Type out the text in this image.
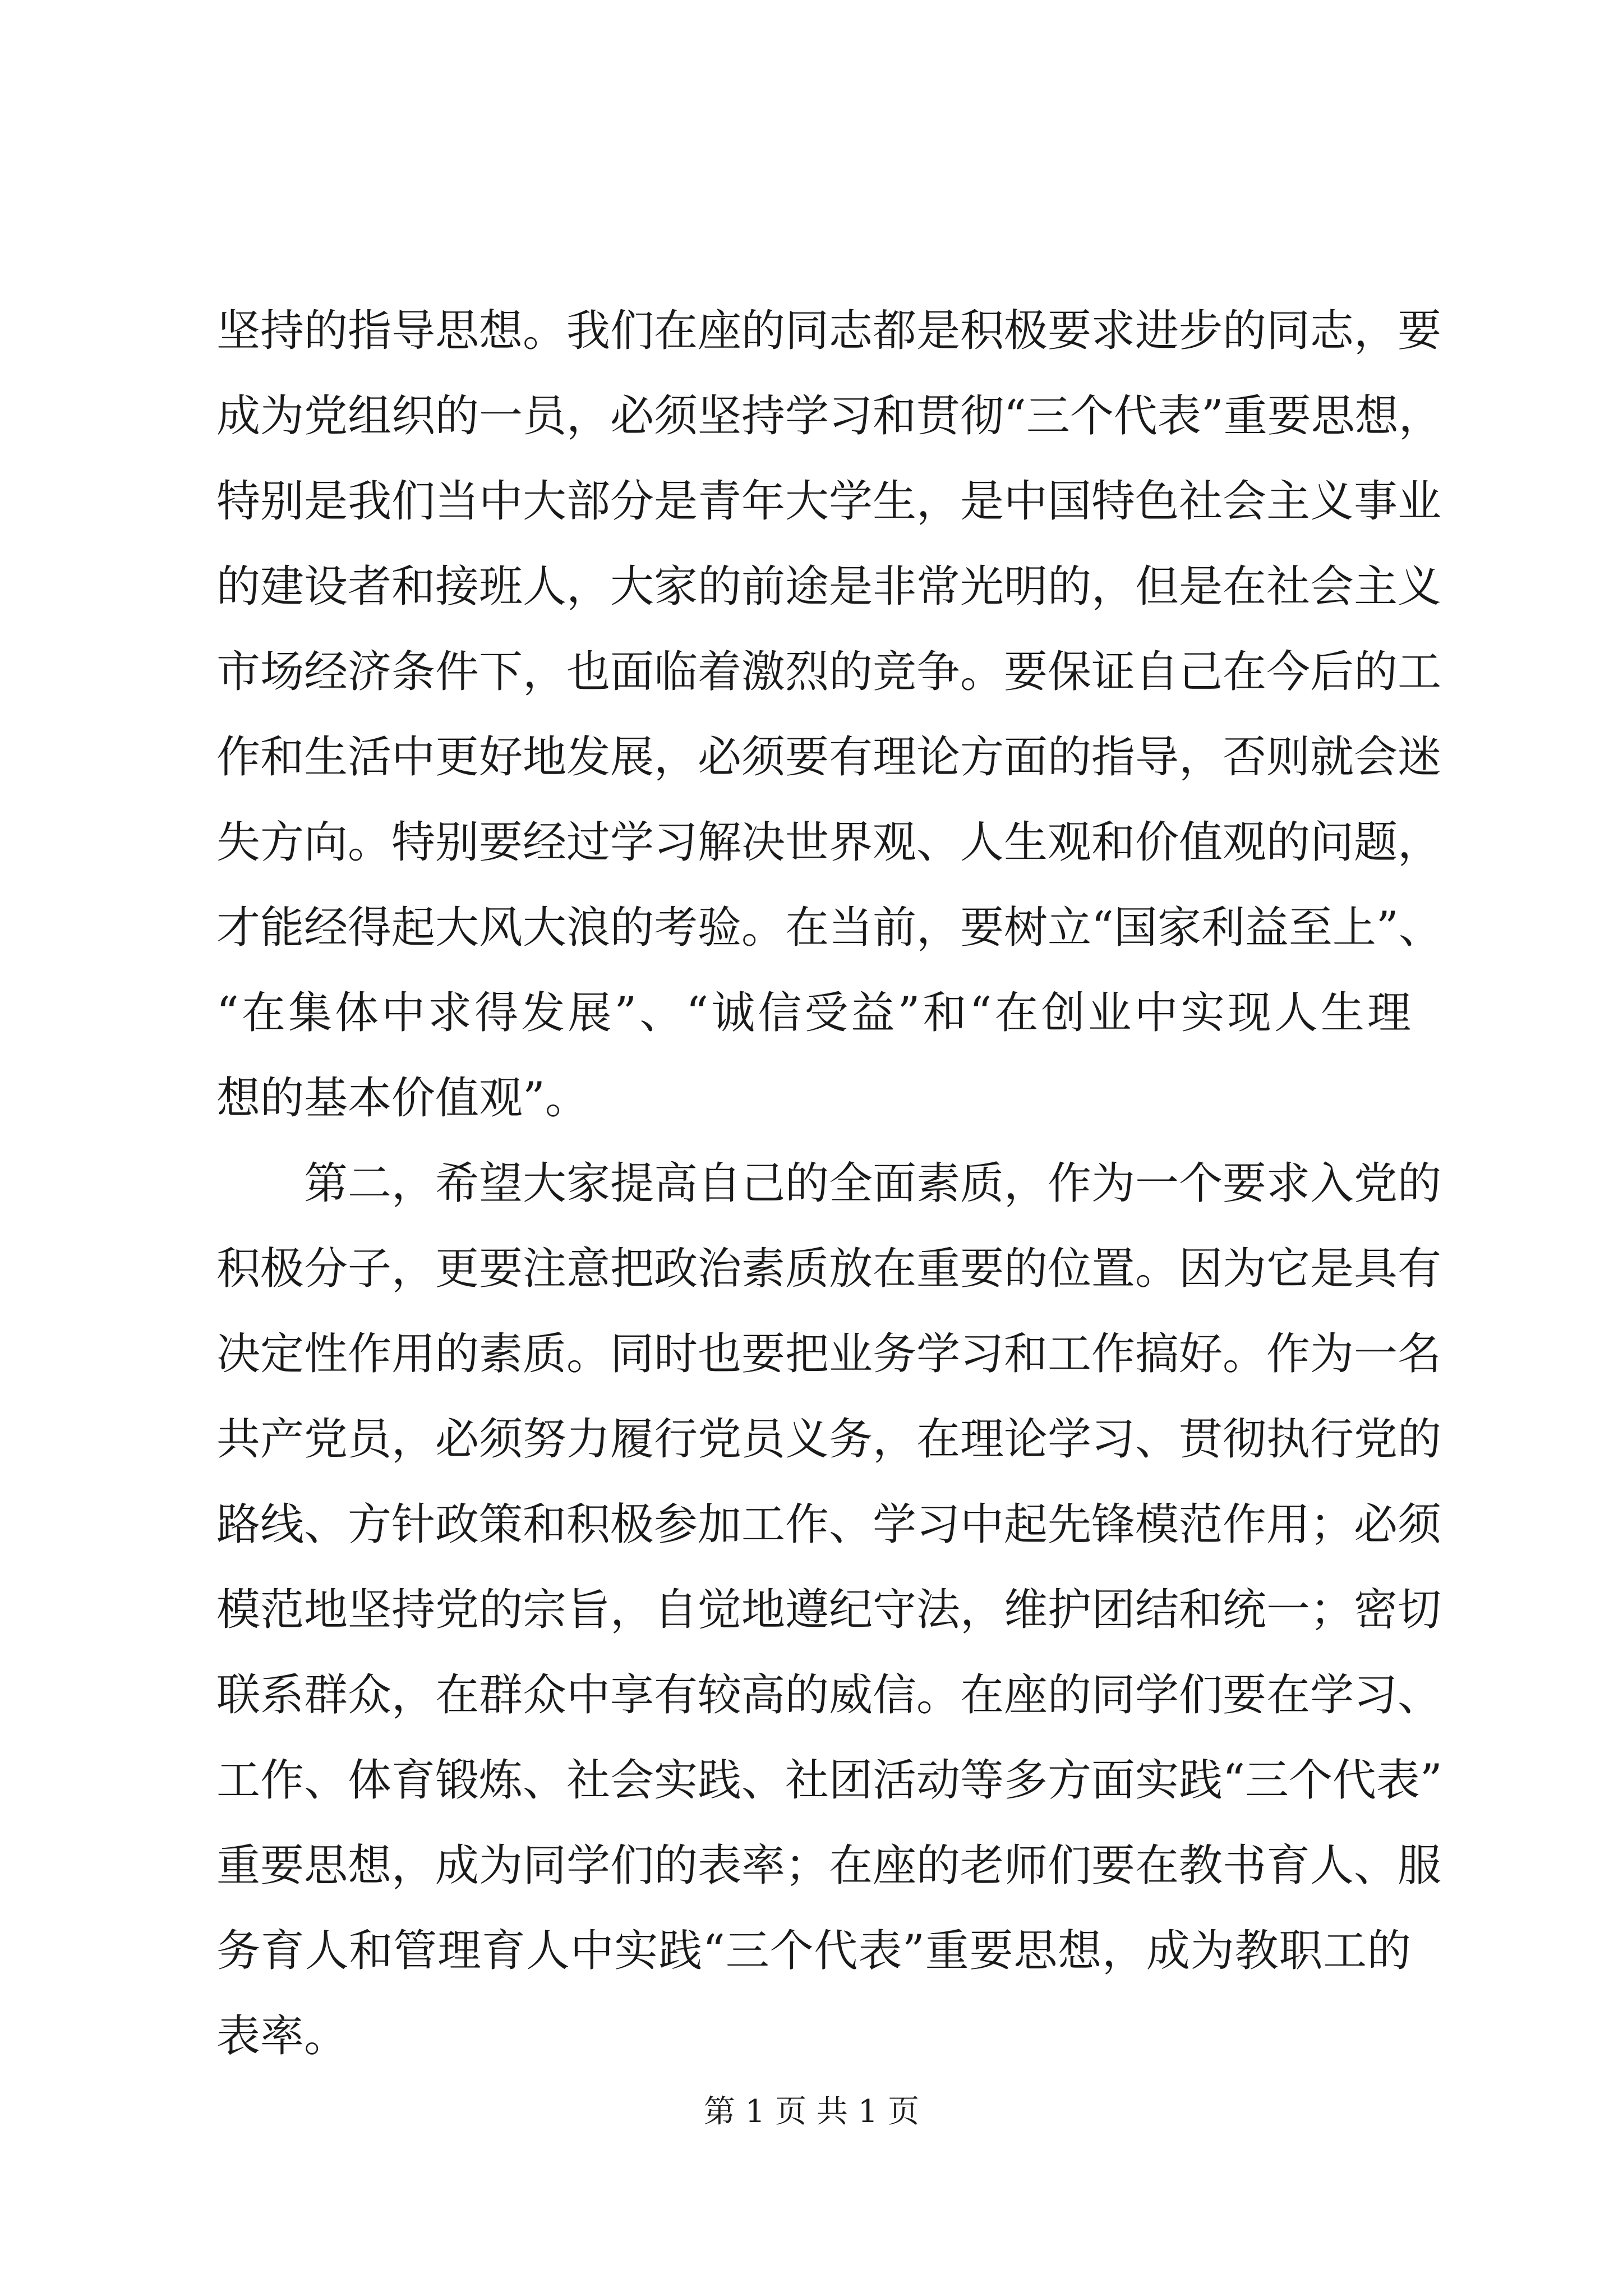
坚持的指导思想。我们在座的同志都是积极要求进步的同志，要
成为党组织的一员，必须坚持学习和贯彻“三个代表”重要思想，
特别是我们当中大部分是青年大学生，是中国特色社会主义事业
的建设者和接班人，大家的前途是非常光明的，但是在社会主义
市场经济条件下，也面临着激烈的竞争。要保证自己在今后的工
作和生活中更好地发展，必须要有理论方面的指导，否则就会迷
失方向。特别要经过学习解决世界观、人生观和价值观的问题，
才能经得起大风大浪的考验。在当前，要树立“国家利益至上”、
“在集体中求得发展”、“诚信受益”和“在创业中实现人生理
想的基本价值观”。
第二，希望大家提高自己的全面素质，作为一个要求入党的
积极分子，更要注意把政治素质放在重要的位置。因为它是具有
决定性作用的素质。同时也要把业务学习和工作搞好。作为一名
共产党员，必须努力履行党员义务，在理论学习、贯彻执行党的
路线、方针政策和积极参加工作、学习中起先锋模范作用；必须
模范地坚持党的宗旨，自觉地遵纪守法，维护团结和统一；密切
联系群众，在群众中享有较高的威信。在座的同学们要在学习、
工作、体育锻炼、社会实践、社团活动等多方面实践“三个代表”
重要思想，成为同学们的表率；在座的老师们要在教书育人、服
务育人和管理育人中实践“三个代表”重要思想，成为教职工的
表率。
第 1 页 共 1 页
